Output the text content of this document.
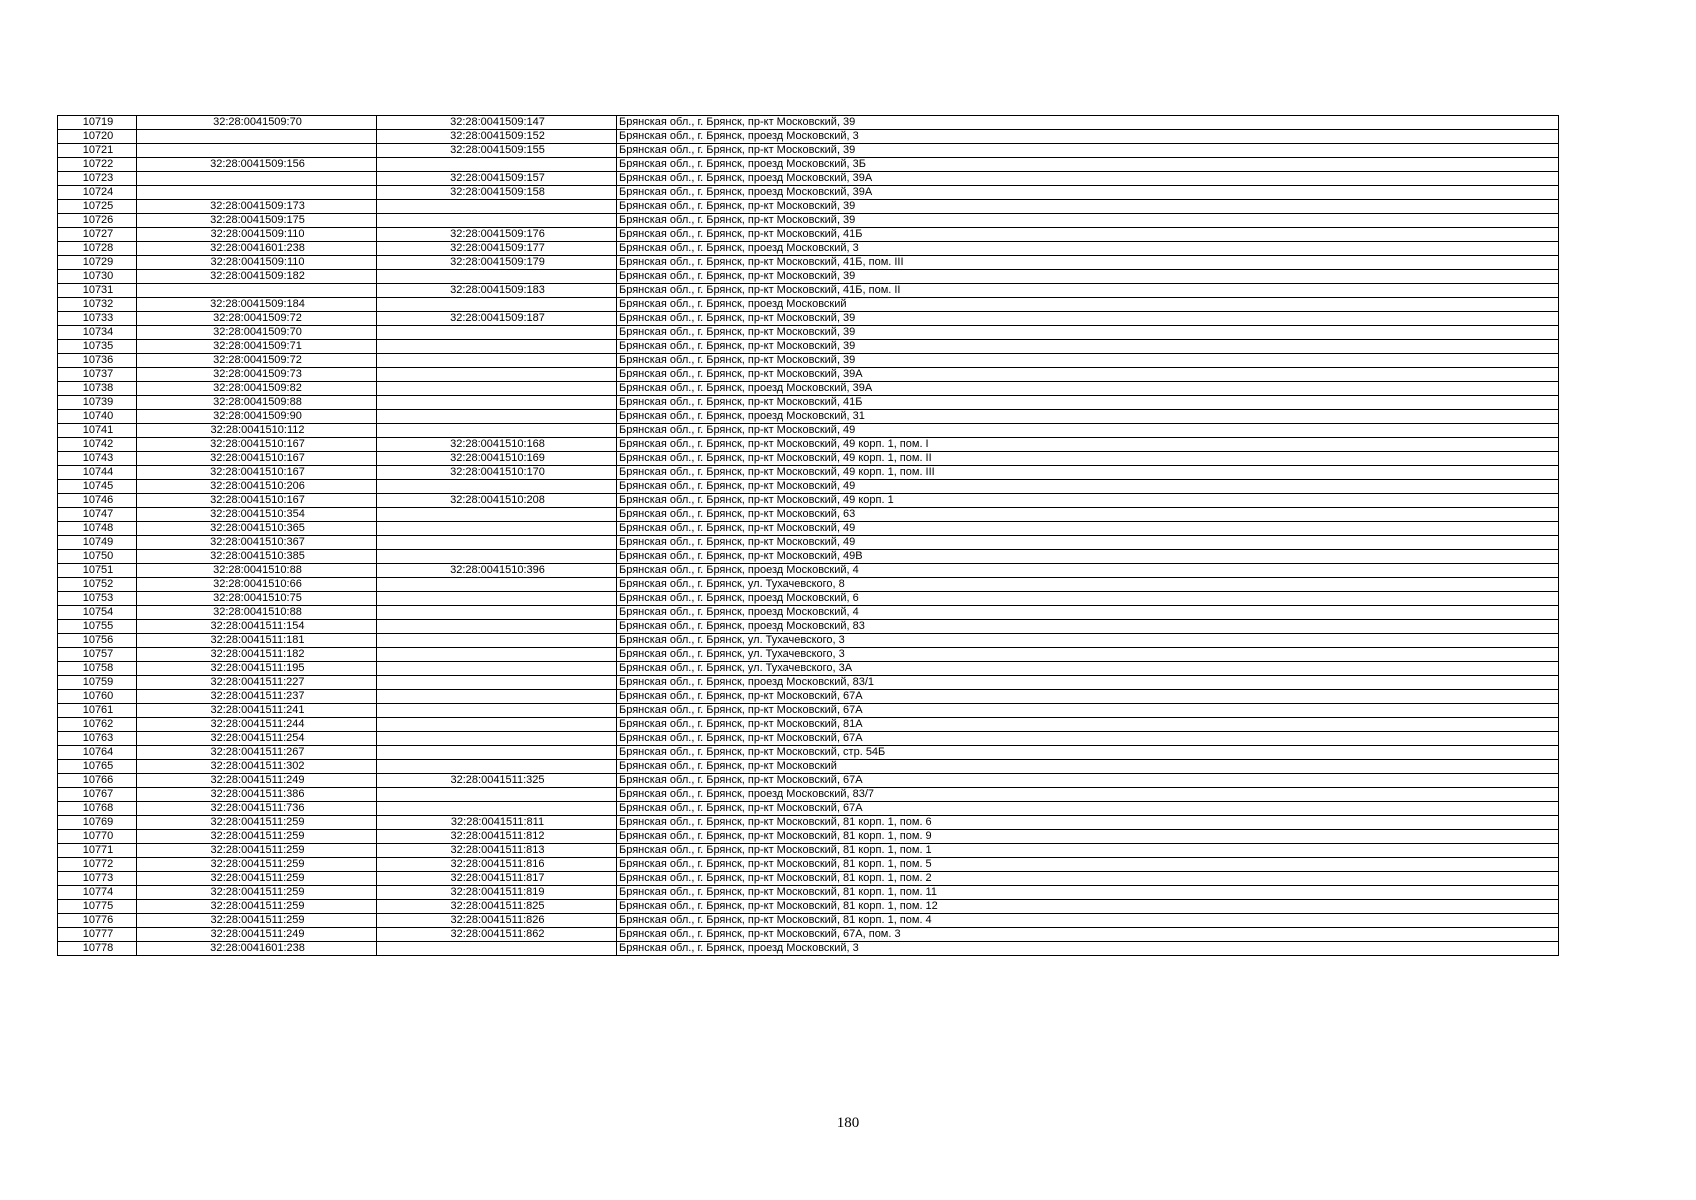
10719	32:28:0041509:70	32:28:0041509:147	Брянская обл., г. Брянск, пр-кт Московский, 39
10720		32:28:0041509:152	Брянская обл., г. Брянск, проезд Московский, 3
10721		32:28:0041509:155	Брянская обл., г. Брянск, пр-кт Московский, 39
10722	32:28:0041509:156		Брянская обл., г. Брянск, проезд Московский, 3Б
10723		32:28:0041509:157	Брянская обл., г. Брянск, проезд Московский, 39А
10724		32:28:0041509:158	Брянская обл., г. Брянск, проезд Московский, 39А
10725	32:28:0041509:173		Брянская обл., г. Брянск, пр-кт Московский, 39
10726	32:28:0041509:175		Брянская обл., г. Брянск, пр-кт Московский, 39
10727	32:28:0041509:110	32:28:0041509:176	Брянская обл., г. Брянск, пр-кт Московский, 41Б
10728	32:28:0041601:238	32:28:0041509:177	Брянская обл., г. Брянск, проезд Московский, 3
10729	32:28:0041509:110	32:28:0041509:179	Брянская обл., г. Брянск, пр-кт Московский, 41Б, пом. III
10730	32:28:0041509:182		Брянская обл., г. Брянск, пр-кт Московский, 39
10731		32:28:0041509:183	Брянская обл., г. Брянск, пр-кт Московский, 41Б, пом. II
10732	32:28:0041509:184		Брянская обл., г. Брянск, проезд Московский
10733	32:28:0041509:72	32:28:0041509:187	Брянская обл., г. Брянск, пр-кт Московский, 39
10734	32:28:0041509:70		Брянская обл., г. Брянск, пр-кт Московский, 39
10735	32:28:0041509:71		Брянская обл., г. Брянск, пр-кт Московский, 39
10736	32:28:0041509:72		Брянская обл., г. Брянск, пр-кт Московский, 39
10737	32:28:0041509:73		Брянская обл., г. Брянск, пр-кт Московский, 39А
10738	32:28:0041509:82		Брянская обл., г. Брянск, проезд Московский, 39А
10739	32:28:0041509:88		Брянская обл., г. Брянск, пр-кт Московский, 41Б
10740	32:28:0041509:90		Брянская обл., г. Брянск, проезд Московский, 31
10741	32:28:0041510:112		Брянская обл., г. Брянск, пр-кт Московский, 49
10742	32:28:0041510:167	32:28:0041510:168	Брянская обл., г. Брянск, пр-кт Московский, 49 корп. 1, пом. I
10743	32:28:0041510:167	32:28:0041510:169	Брянская обл., г. Брянск, пр-кт Московский, 49 корп. 1, пом. II
10744	32:28:0041510:167	32:28:0041510:170	Брянская обл., г. Брянск, пр-кт Московский, 49 корп. 1, пом. III
10745	32:28:0041510:206		Брянская обл., г. Брянск, пр-кт Московский, 49
10746	32:28:0041510:167	32:28:0041510:208	Брянская обл., г. Брянск, пр-кт Московский, 49 корп. 1
10747	32:28:0041510:354		Брянская обл., г. Брянск, пр-кт Московский, 63
10748	32:28:0041510:365		Брянская обл., г. Брянск, пр-кт Московский, 49
10749	32:28:0041510:367		Брянская обл., г. Брянск, пр-кт Московский, 49
10750	32:28:0041510:385		Брянская обл., г. Брянск, пр-кт Московский, 49В
10751	32:28:0041510:88	32:28:0041510:396	Брянская обл., г. Брянск, проезд Московский, 4
10752	32:28:0041510:66		Брянская обл., г. Брянск, ул. Тухачевского, 8
10753	32:28:0041510:75		Брянская обл., г. Брянск, проезд Московский, 6
10754	32:28:0041510:88		Брянская обл., г. Брянск, проезд Московский, 4
10755	32:28:0041511:154		Брянская обл., г. Брянск, проезд Московский, 83
10756	32:28:0041511:181		Брянская обл., г. Брянск, ул. Тухачевского, 3
10757	32:28:0041511:182		Брянская обл., г. Брянск, ул. Тухачевского, 3
10758	32:28:0041511:195		Брянская обл., г. Брянск, ул. Тухачевского, 3А
10759	32:28:0041511:227		Брянская обл., г. Брянск, проезд Московский, 83/1
10760	32:28:0041511:237		Брянская обл., г. Брянск, пр-кт Московский, 67А
10761	32:28:0041511:241		Брянская обл., г. Брянск, пр-кт Московский, 67А
10762	32:28:0041511:244		Брянская обл., г. Брянск, пр-кт Московский, 81А
10763	32:28:0041511:254		Брянская обл., г. Брянск, пр-кт Московский, 67А
10764	32:28:0041511:267		Брянская обл., г. Брянск, пр-кт Московский, стр. 54Б
10765	32:28:0041511:302		Брянская обл., г. Брянск, пр-кт Московский
10766	32:28:0041511:249	32:28:0041511:325	Брянская обл., г. Брянск, пр-кт Московский, 67А
10767	32:28:0041511:386		Брянская обл., г. Брянск, проезд Московский, 83/7
10768	32:28:0041511:736		Брянская обл., г. Брянск, пр-кт Московский, 67А
10769	32:28:0041511:259	32:28:0041511:811	Брянская обл., г. Брянск, пр-кт Московский, 81 корп. 1, пом. 6
10770	32:28:0041511:259	32:28:0041511:812	Брянская обл., г. Брянск, пр-кт Московский, 81 корп. 1, пом. 9
10771	32:28:0041511:259	32:28:0041511:813	Брянская обл., г. Брянск, пр-кт Московский, 81 корп. 1, пом. 1
10772	32:28:0041511:259	32:28:0041511:816	Брянская обл., г. Брянск, пр-кт Московский, 81 корп. 1, пом. 5
10773	32:28:0041511:259	32:28:0041511:817	Брянская обл., г. Брянск, пр-кт Московский, 81 корп. 1, пом. 2
10774	32:28:0041511:259	32:28:0041511:819	Брянская обл., г. Брянск, пр-кт Московский, 81 корп. 1, пом. 11
10775	32:28:0041511:259	32:28:0041511:825	Брянская обл., г. Брянск, пр-кт Московский, 81 корп. 1, пом. 12
10776	32:28:0041511:259	32:28:0041511:826	Брянская обл., г. Брянск, пр-кт Московский, 81 корп. 1, пом. 4
10777	32:28:0041511:249	32:28:0041511:862	Брянская обл., г. Брянск, пр-кт Московский, 67А, пом. 3
10778	32:28:0041601:238		Брянская обл., г. Брянск, проезд Московский, 3
180
